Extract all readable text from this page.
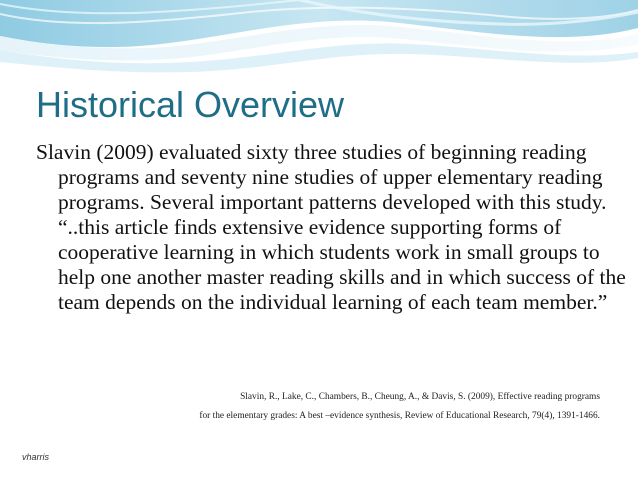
Historical Overview

Slavin (2009) evaluated sixty three studies of beginning reading programs and seventy nine studies of upper elementary reading programs. Several important patterns developed with this study. “..this article finds extensive evidence supporting forms of cooperative learning in which students work in small groups to help one another master reading skills and in which success of the team depends on the individual learning of each team member.”

Slavin, R., Lake, C., Chambers, B., Cheung, A., & Davis, S. (2009), Effective reading programs
for the elementary grades: A best –evidence synthesis, Review of Educational Research, 79(4), 1391-1466.
vharris
